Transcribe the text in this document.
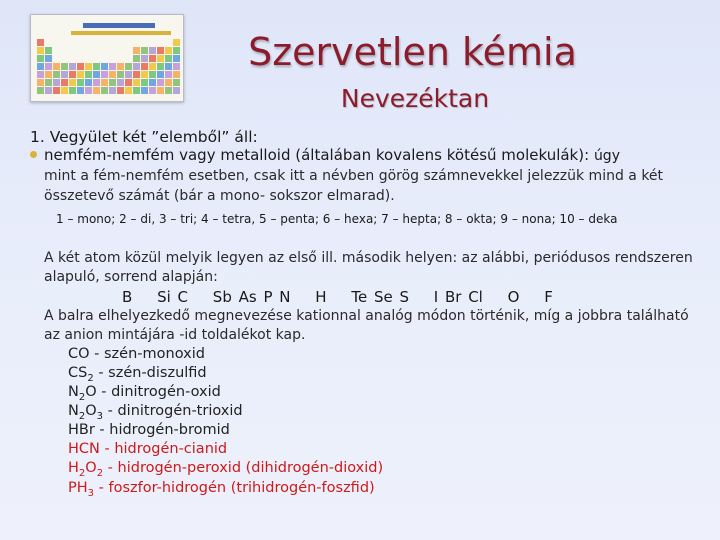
Szervetlen kémia
Nevezéktan
1. Vegyület két ”elemből” áll:
nemfém-nemfém vagy metalloid (általában kovalens kötésű molekulák): úgy
mint a fém-nemfém esetben, csak itt a névben görög számnevekkel jelezzük mind a két
összetevő számát (bár a mono- sokszor elmarad).
1 – mono; 2 – di, 3 – tri; 4 – tetra, 5 – penta; 6 – hexa; 7 – hepta; 8 – okta; 9 – nona; 10 – deka
A két atom közül melyik legyen az első ill. második helyen: az alábbi, periódusos rendszeren
alapuló, sorrend alapján:
B Si C Sb As P N H Te Se S I Br Cl O F
A balra elhelyezkedő megnevezése kationnal analóg módon történik, míg a jobbra található
az anion mintájára -id toldalékot kap.
CO - szén-monoxid
$CS_2$ - szén-diszulfid
$N_2O$ - dinitrogén-oxid
$N_2O_3$ - dinitrogén-trioxid
HBr - hidrogén-bromid
HCN - hidrogén-cianid
$H_2O_2$ - hidrogén-peroxid (dihidrogén-dioxid)
$PH_3$ - foszfor-hidrogén (trihidrogén-foszfid)
